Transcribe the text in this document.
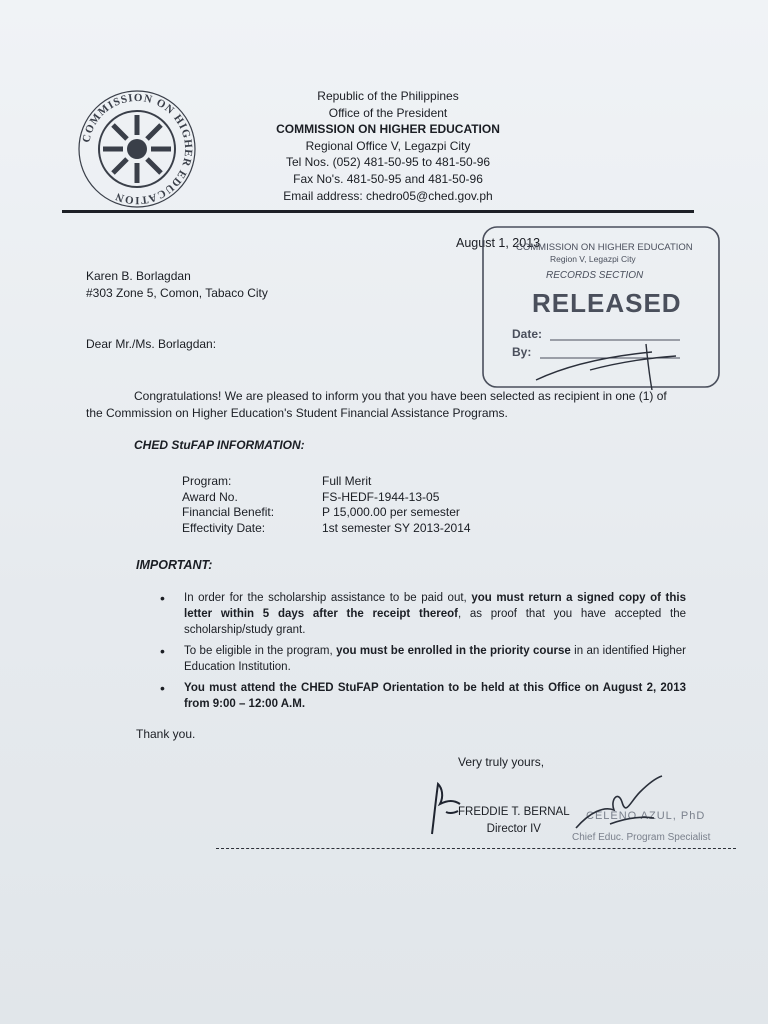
COMMISSION ON HIGHER EDUCATION
Republic of the Philippines
Office of the President
COMMISSION ON HIGHER EDUCATION
Regional Office V, Legazpi City
Tel Nos. (052) 481-50-95 to 481-50-96
Fax No's. 481-50-95 and 481-50-96
Email address: chedro05@ched.gov.ph
August 1, 2013
Karen B. Borlagdan
#303 Zone 5, Comon, Tabaco City
Dear Mr./Ms. Borlagdan:
Congratulations! We are pleased to inform you that you have been selected as recipient in one (1) of the Commission on Higher Education's Student Financial Assistance Programs.
CHED StuFAP INFORMATION:
Program:	Full Merit
Award No.	FS-HEDF-1944-13-05
Financial Benefit:	P 15,000.00 per semester
Effectivity Date:	1st semester SY 2013-2014
IMPORTANT:
• In order for the scholarship assistance to be paid out, you must return a signed copy of this letter within 5 days after the receipt thereof, as proof that you have accepted the scholarship/study grant.
• To be eligible in the program, you must be enrolled in the priority course in an identified Higher Education Institution.
• You must attend the CHED StuFAP Orientation to be held at this Office on August 2, 2013 from 9:00 – 12:00 A.M.
Thank you.
Very truly yours,
FREDDIE T. BERNAL
Director IV
CELENO AZUL, PhD
Chief Educ. Program Specialist
COMMISSION ON HIGHER EDUCATION
Region V, Legazpi City
RECORDS SECTION
RELEASED
Date:
By:
